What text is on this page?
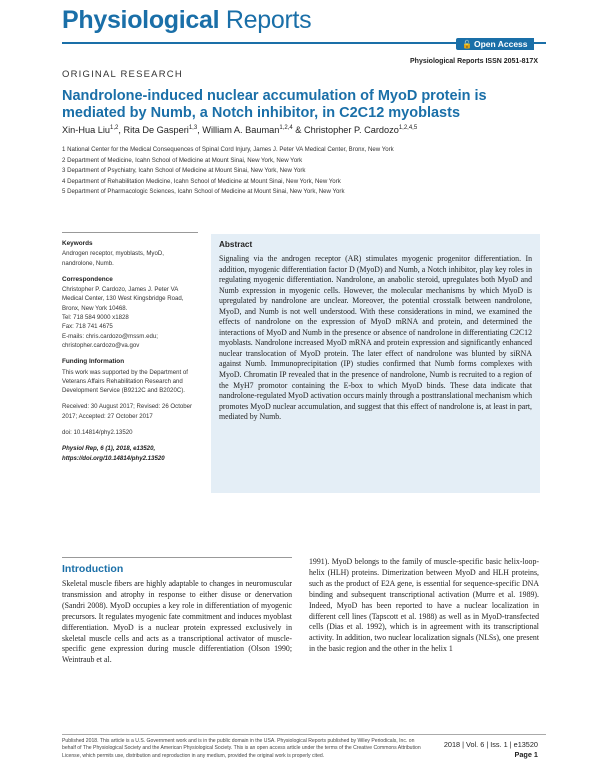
Physiological Reports
🔓 Open Access
Physiological Reports ISSN 2051-817X
ORIGINAL RESEARCH
Nandrolone-induced nuclear accumulation of MyoD protein is mediated by Numb, a Notch inhibitor, in C2C12 myoblasts
Xin-Hua Liu$^{1,2}$, Rita De Gasperi$^{1,3}$, William A. Bauman$^{1,2,4}$ & Christopher P. Cardozo$^{1,2,4,5}$
1 National Center for the Medical Consequences of Spinal Cord Injury, James J. Peter VA Medical Center, Bronx, New York
2 Department of Medicine, Icahn School of Medicine at Mount Sinai, New York, New York
3 Department of Psychiatry, Icahn School of Medicine at Mount Sinai, New York, New York
4 Department of Rehabilitation Medicine, Icahn School of Medicine at Mount Sinai, New York, New York
5 Department of Pharmacologic Sciences, Icahn School of Medicine at Mount Sinai, New York, New York
Keywords
Androgen receptor, myoblasts, MyoD, nandrolone, Numb.
Correspondence
Christopher P. Cardozo, James J. Peter VA Medical Center, 130 West Kingsbridge Road, Bronx, New York 10468.
Tel: 718 584 9000 x1828
Fax: 718 741 4675
E-mails: chris.cardozo@mssm.edu; christopher.cardozo@va.gov
Funding Information
This work was supported by the Department of Veterans Affairs Rehabilitation Research and Development Service (B9212C and B2020C).
Received: 30 August 2017; Revised: 26 October 2017; Accepted: 27 October 2017
doi: 10.14814/phy2.13520
Physiol Rep, 6 (1), 2018, e13520, https://doi.org/10.14814/phy2.13520
Abstract

Signaling via the androgen receptor (AR) stimulates myogenic progenitor differentiation. In addition, myogenic differentiation factor D (MyoD) and Numb, a Notch inhibitor, play key roles in regulating myogenic differentiation. Nandrolone, an anabolic steroid, upregulates both MyoD and Numb expression in myogenic cells. However, the molecular mechanisms by which MyoD is upregulated by nandrolone are unclear. Moreover, the potential crosstalk between nandrolone, MyoD, and Numb is not well understood. With these considerations in mind, we examined the effects of nandrolone on the expression of MyoD mRNA and protein, and determined the interactions of MyoD and Numb in the presence or absence of nandrolone in differentiating C2C12 myoblasts. Nandrolone increased MyoD mRNA and protein expression and significantly enhanced nuclear translocation of MyoD protein. The later effect of nandrolone was blunted by siRNA against Numb. Immunoprecipitation (IP) studies confirmed that Numb forms complexes with MyoD. Chromatin IP revealed that in the presence of nandrolone, Numb is recruited to a region of the MyH7 promotor containing the E-box to which MyoD binds. These data indicate that nandrolone-regulated MyoD activation occurs mainly through a posttranslational mechanism which promotes MyoD nuclear accumulation, and suggest that this effect of nandrolone is, at least in part, mediated by Numb.

Introduction

Skeletal muscle fibers are highly adaptable to changes in neuromuscular transmission and atrophy in response to either disuse or denervation (Sandri 2008). MyoD occupies a key role in differentiation of myogenic precursors. It regulates myogenic fate commitment and induces myoblast differentiation. MyoD is a nuclear protein expressed exclusively in skeletal muscle cells and acts as a transcriptional activator of muscle-specific gene expression during muscle differentiation (Olson 1990; Weintraub et al.

1991). MyoD belongs to the family of muscle-specific basic helix-loop-helix (HLH) proteins. Dimerization between MyoD and HLH proteins, such as the product of E2A gene, is essential for sequence-specific DNA binding and subsequent transcriptional activation (Murre et al. 1989). Indeed, MyoD has been reported to have a nuclear localization in different cell lines (Tapscott et al. 1988) as well as in MyoD-transfected cells (Dias et al. 1992), which is in agreement with its transcriptional activity. In addition, two nuclear localization signals (NLSs), one present in the basic region and the other in the helix 1

Published 2018. This article is a U.S. Government work and is in the public domain in the USA. Physiological Reports published by Wiley Periodicals, Inc. on behalf of The Physiological Society and the American Physiological Society. This is an open access article under the terms of the Creative Commons Attribution License, which permits use, distribution and reproduction in any medium, provided the original work is properly cited.
2018 | Vol. 6 | Iss. 1 | e13520
Page 1
